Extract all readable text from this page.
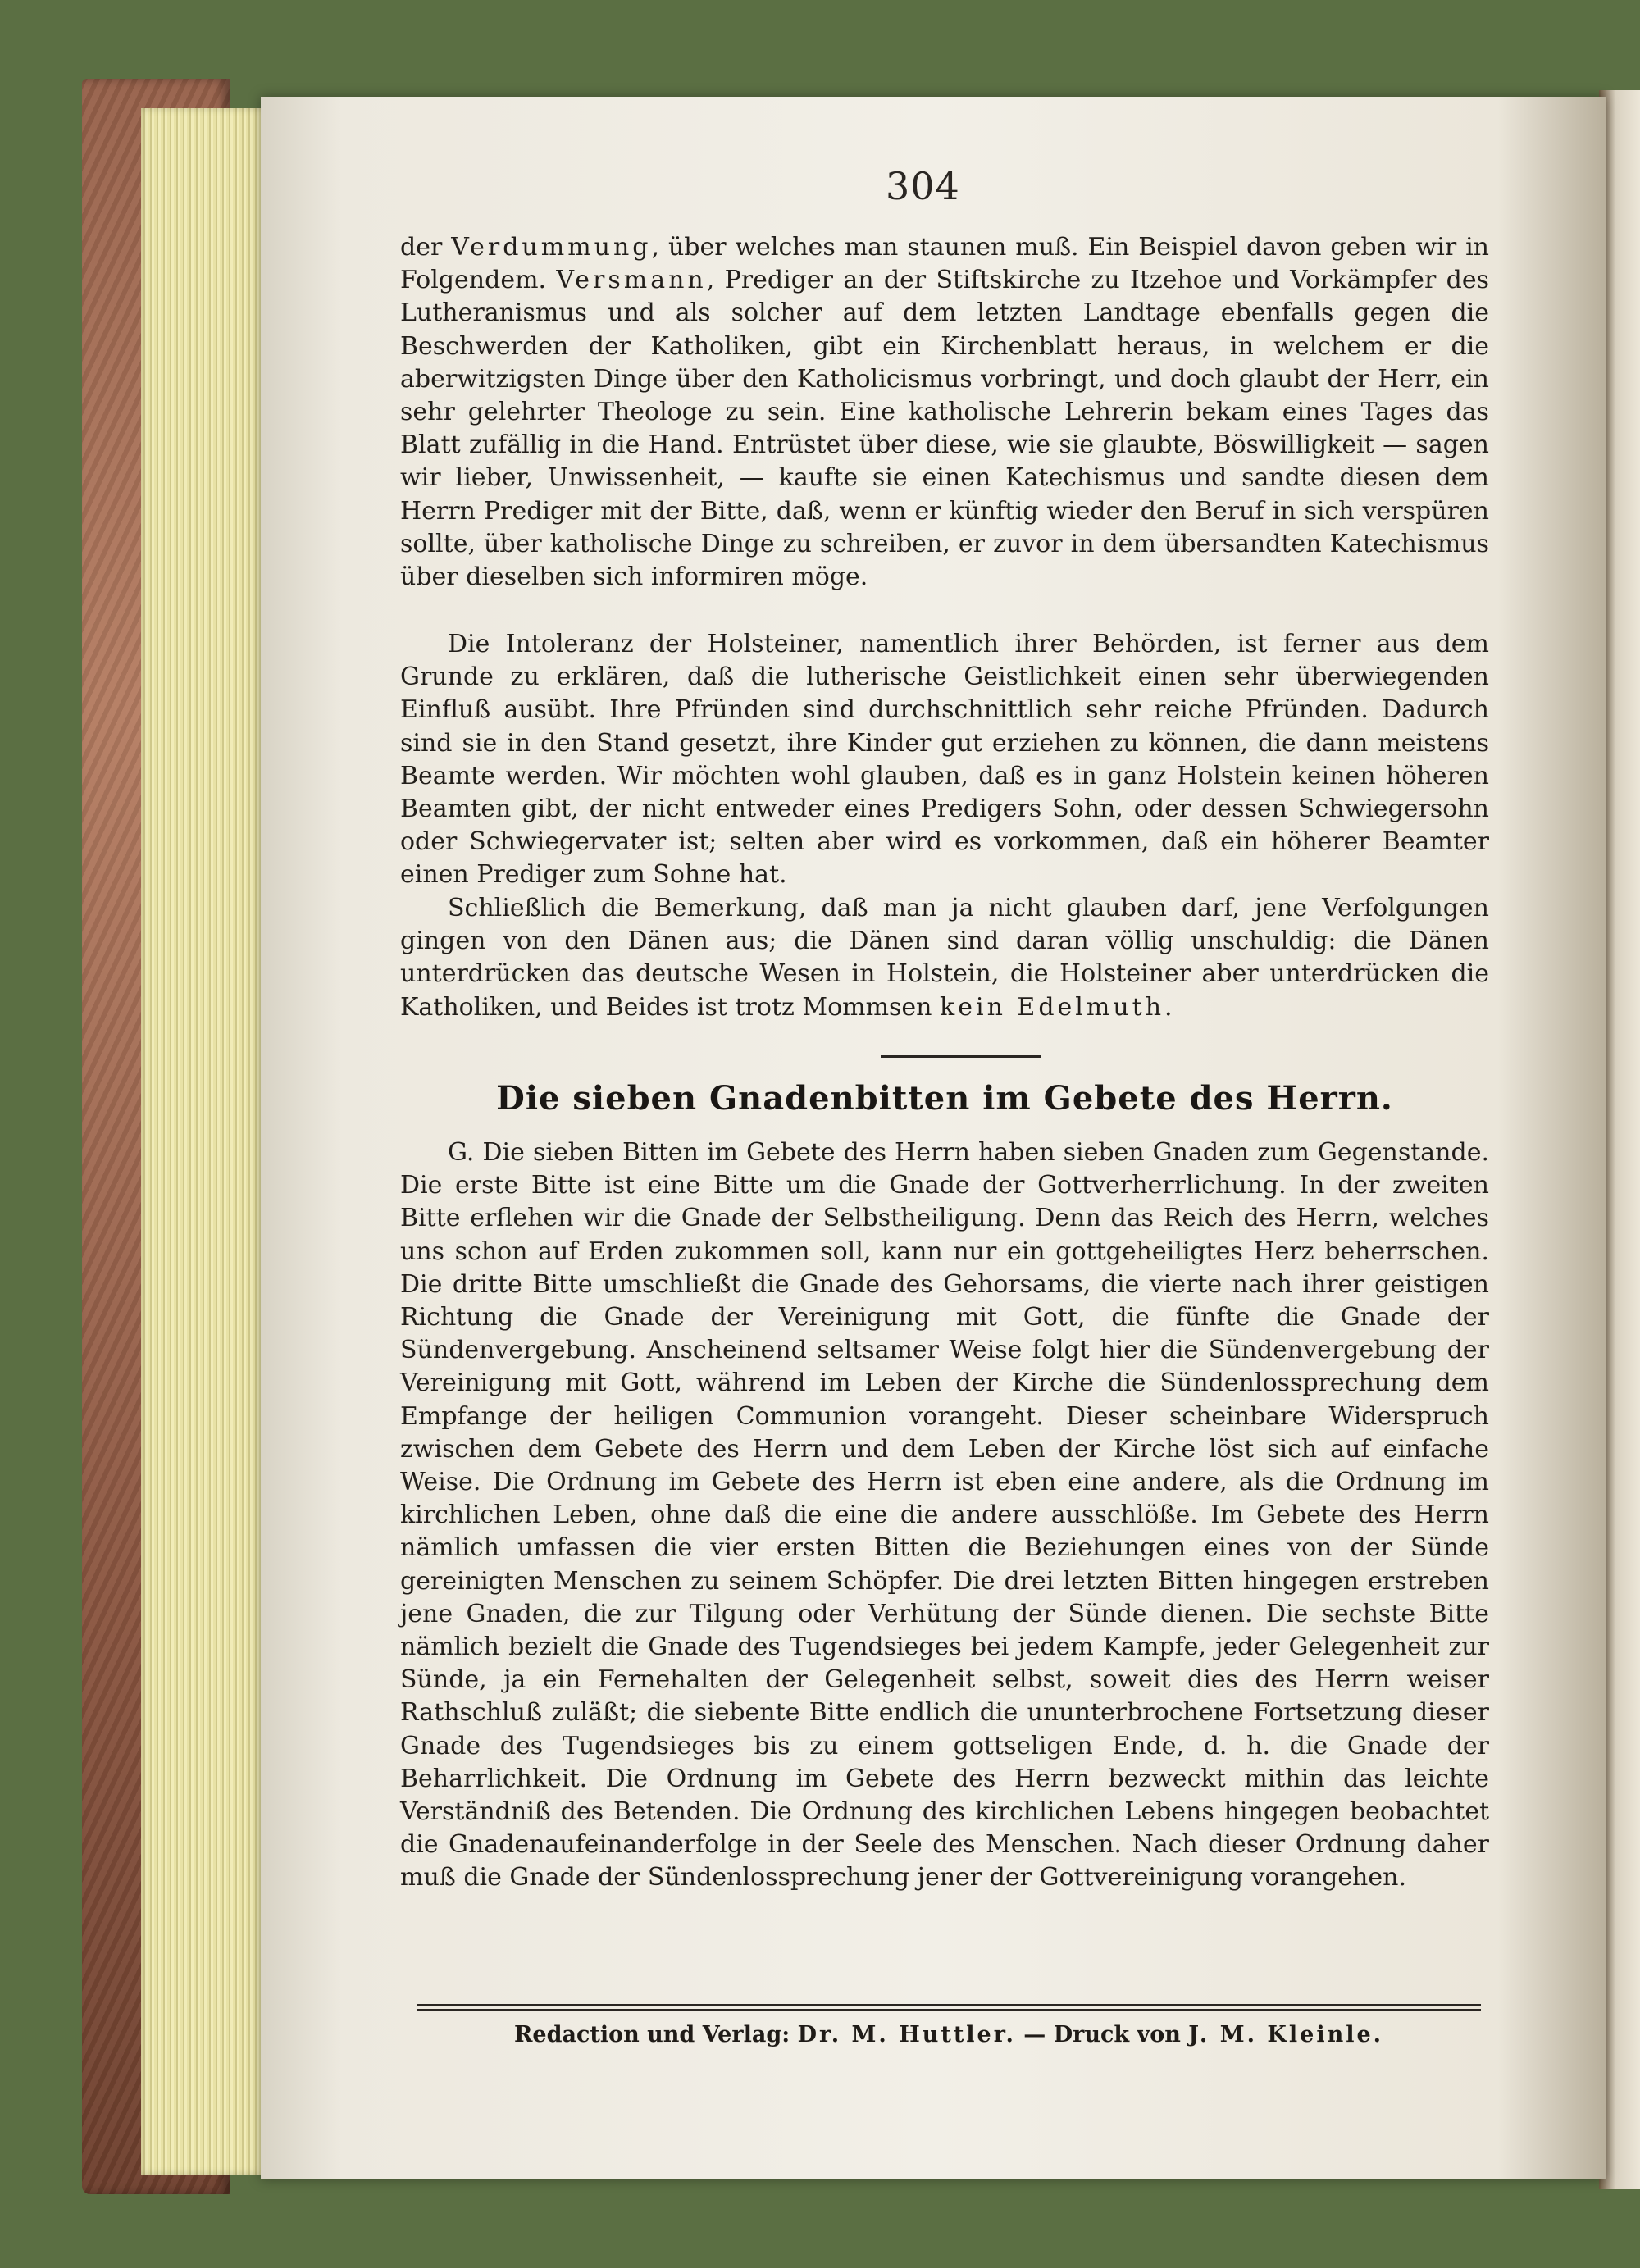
304

der Verdummung, über welches man staunen muß. Ein Beispiel davon geben wir in Folgendem. Versmann, Prediger an der Stiftskirche zu Itzehoe und Vorkämpfer des Lutheranismus und als solcher auf dem letzten Landtage ebenfalls gegen die Beschwerden der Katholiken, gibt ein Kirchenblatt heraus, in welchem er die aberwitzigsten Dinge über den Katholicismus vorbringt, und doch glaubt der Herr, ein sehr gelehrter Theologe zu sein. Eine katholische Lehrerin bekam eines Tages das Blatt zufällig in die Hand. Entrüstet über diese, wie sie glaubte, Böswilligkeit — sagen wir lieber, Unwissenheit, — kaufte sie einen Katechismus und sandte diesen dem Herrn Prediger mit der Bitte, daß, wenn er künftig wieder den Beruf in sich verspüren sollte, über katholische Dinge zu schreiben, er zuvor in dem übersandten Katechismus über dieselben sich informiren möge.

Die Intoleranz der Holsteiner, namentlich ihrer Behörden, ist ferner aus dem Grunde zu erklären, daß die lutherische Geistlichkeit einen sehr überwiegenden Einfluß ausübt. Ihre Pfründen sind durchschnittlich sehr reiche Pfründen. Dadurch sind sie in den Stand gesetzt, ihre Kinder gut erziehen zu können, die dann meistens Beamte werden. Wir möchten wohl glauben, daß es in ganz Holstein keinen höheren Beamten gibt, der nicht entweder eines Predigers Sohn, oder dessen Schwiegersohn oder Schwiegervater ist; selten aber wird es vorkommen, daß ein höherer Beamter einen Prediger zum Sohne hat.

Schließlich die Bemerkung, daß man ja nicht glauben darf, jene Verfolgungen gingen von den Dänen aus; die Dänen sind daran völlig unschuldig: die Dänen unterdrücken das deutsche Wesen in Holstein, die Holsteiner aber unterdrücken die Katholiken, und Beides ist trotz Mommsen kein Edelmuth.

Die sieben Gnadenbitten im Gebete des Herrn.

G. Die sieben Bitten im Gebete des Herrn haben sieben Gnaden zum Gegenstande. Die erste Bitte ist eine Bitte um die Gnade der Gottverherrlichung. In der zweiten Bitte erflehen wir die Gnade der Selbstheiligung. Denn das Reich des Herrn, welches uns schon auf Erden zukommen soll, kann nur ein gottgeheiligtes Herz beherrschen. Die dritte Bitte umschließt die Gnade des Gehorsams, die vierte nach ihrer geistigen Richtung die Gnade der Vereinigung mit Gott, die fünfte die Gnade der Sündenvergebung. Anscheinend seltsamer Weise folgt hier die Sündenvergebung der Vereinigung mit Gott, während im Leben der Kirche die Sündenlossprechung dem Empfange der heiligen Communion vorangeht. Dieser scheinbare Widerspruch zwischen dem Gebete des Herrn und dem Leben der Kirche löst sich auf einfache Weise. Die Ordnung im Gebete des Herrn ist eben eine andere, als die Ordnung im kirchlichen Leben, ohne daß die eine die andere ausschlöße. Im Gebete des Herrn nämlich umfassen die vier ersten Bitten die Beziehungen eines von der Sünde gereinigten Menschen zu seinem Schöpfer. Die drei letzten Bitten hingegen erstreben jene Gnaden, die zur Tilgung oder Verhütung der Sünde dienen. Die sechste Bitte nämlich bezielt die Gnade des Tugendsieges bei jedem Kampfe, jeder Gelegenheit zur Sünde, ja ein Fernehalten der Gelegenheit selbst, soweit dies des Herrn weiser Rathschluß zuläßt; die siebente Bitte endlich die ununterbrochene Fortsetzung dieser Gnade des Tugendsieges bis zu einem gottseligen Ende, d. h. die Gnade der Beharrlichkeit. Die Ordnung im Gebete des Herrn bezweckt mithin das leichte Verständniß des Betenden. Die Ordnung des kirchlichen Lebens hingegen beobachtet die Gnadenaufeinanderfolge in der Seele des Menschen. Nach dieser Ordnung daher muß die Gnade der Sündenlossprechung jener der Gottvereinigung vorangehen.

Redaction und Verlag: Dr. M. Huttler. — Druck von J. M. Kleinle.
